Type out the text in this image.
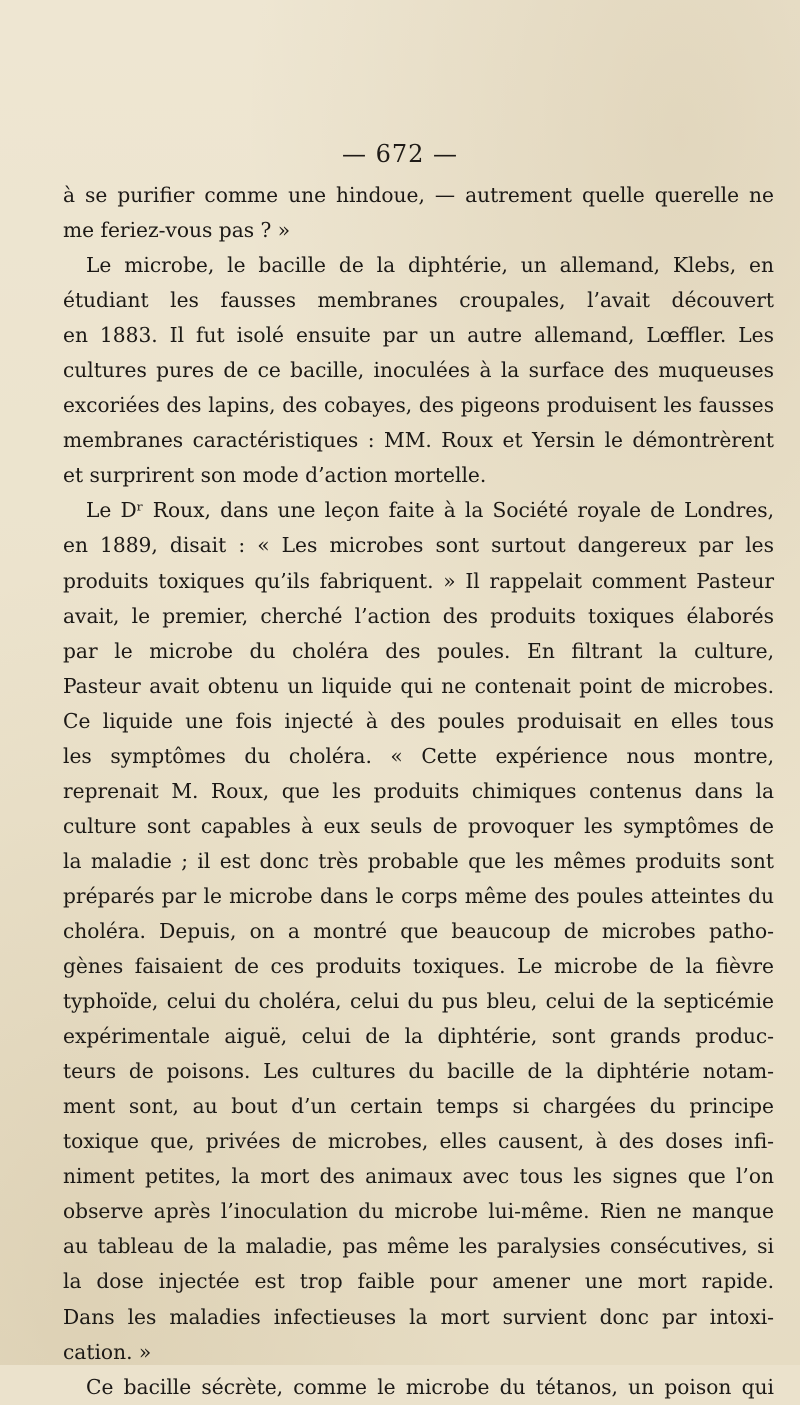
— 672 —
à se purifier comme une hindoue, — autrement quelle querelle ne
me feriez-vous pas ? »
Le microbe, le bacille de la diphtérie, un allemand, Klebs, en
étudiant les fausses membranes croupales, l’avait découvert
en 1883. Il fut isolé ensuite par un autre allemand, Lœffler. Les
cultures pures de ce bacille, inoculées à la surface des muqueuses
excoriées des lapins, des cobayes, des pigeons produisent les fausses
membranes caractéristiques : MM. Roux et Yersin le démontrèrent
et surprirent son mode d’action mortelle.
Le Dʳ Roux, dans une leçon faite à la Société royale de Londres,
en 1889, disait : « Les microbes sont surtout dangereux par les
produits toxiques qu’ils fabriquent. » Il rappelait comment Pasteur
avait, le premier, cherché l’action des produits toxiques élaborés
par le microbe du choléra des poules. En filtrant la culture,
Pasteur avait obtenu un liquide qui ne contenait point de microbes.
Ce liquide une fois injecté à des poules produisait en elles tous
les symptômes du choléra. « Cette expérience nous montre,
reprenait M. Roux, que les produits chimiques contenus dans la
culture sont capables à eux seuls de provoquer les symptômes de
la maladie ; il est donc très probable que les mêmes produits sont
préparés par le microbe dans le corps même des poules atteintes du
choléra. Depuis, on a montré que beaucoup de microbes patho-
gènes faisaient de ces produits toxiques. Le microbe de la fièvre
typhoïde, celui du choléra, celui du pus bleu, celui de la septicémie
expérimentale aiguë, celui de la diphtérie, sont grands produc-
teurs de poisons. Les cultures du bacille de la diphtérie notam-
ment sont, au bout d’un certain temps si chargées du principe
toxique que, privées de microbes, elles causent, à des doses infi-
niment petites, la mort des animaux avec tous les signes que l’on
observe après l’inoculation du microbe lui-même. Rien ne manque
au tableau de la maladie, pas même les paralysies consécutives, si
la dose injectée est trop faible pour amener une mort rapide.
Dans les maladies infectieuses la mort survient donc par intoxi-
cation. »
Ce bacille sécrète, comme le microbe du tétanos, un poison qui
